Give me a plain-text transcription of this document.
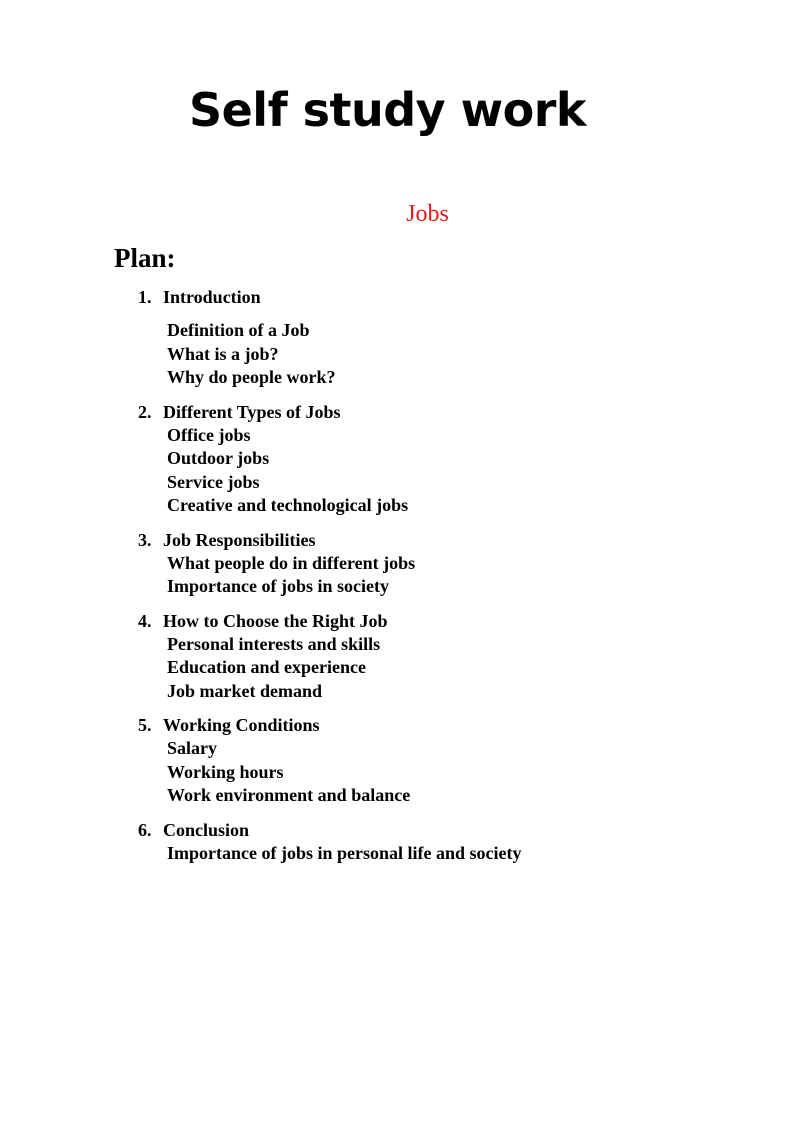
Self study work
Jobs
Plan:
1. Introduction
Definition of a Job
What is a job?
Why do people work?
2. Different Types of Jobs
Office jobs
Outdoor jobs
Service jobs
Creative and technological jobs
3. Job Responsibilities
What people do in different jobs
Importance of jobs in society
4. How to Choose the Right Job
Personal interests and skills
Education and experience
Job market demand
5. Working Conditions
Salary
Working hours
Work environment and balance
6. Conclusion
Importance of jobs in personal life and society
